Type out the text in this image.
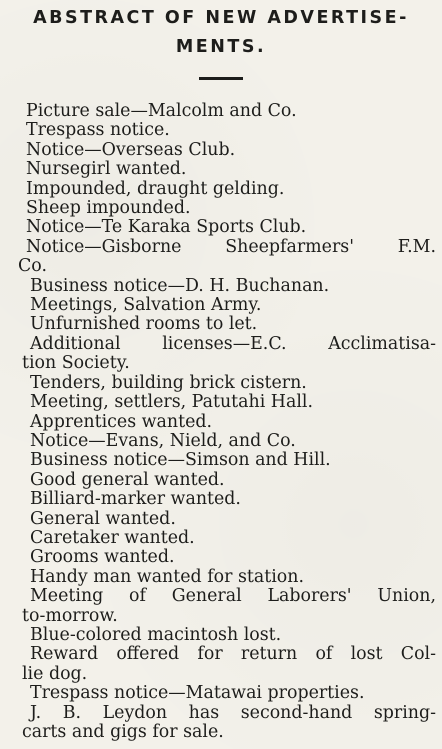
ABSTRACT OF NEW ADVERTISE-
MENTS.
Picture sale—Malcolm and Co.
Trespass notice.
Notice—Overseas Club.
Nursegirl wanted.
Impounded, draught gelding.
Sheep impounded.
Notice—Te Karaka Sports Club.
Notice—Gisborne Sheepfarmers' F.M.
Co.
Business notice—D. H. Buchanan.
Meetings, Salvation Army.
Unfurnished rooms to let.
Additional licenses—E.C. Acclimatisa-
tion Society.
Tenders, building brick cistern.
Meeting, settlers, Patutahi Hall.
Apprentices wanted.
Notice—Evans, Nield, and Co.
Business notice—Simson and Hill.
Good general wanted.
Billiard-marker wanted.
General wanted.
Caretaker wanted.
Grooms wanted.
Handy man wanted for station.
Meeting of General Laborers' Union,
to-morrow.
Blue-colored macintosh lost.
Reward offered for return of lost Col-
lie dog.
Trespass notice—Matawai properties.
J. B. Leydon has second-hand spring-
carts and gigs for sale.
